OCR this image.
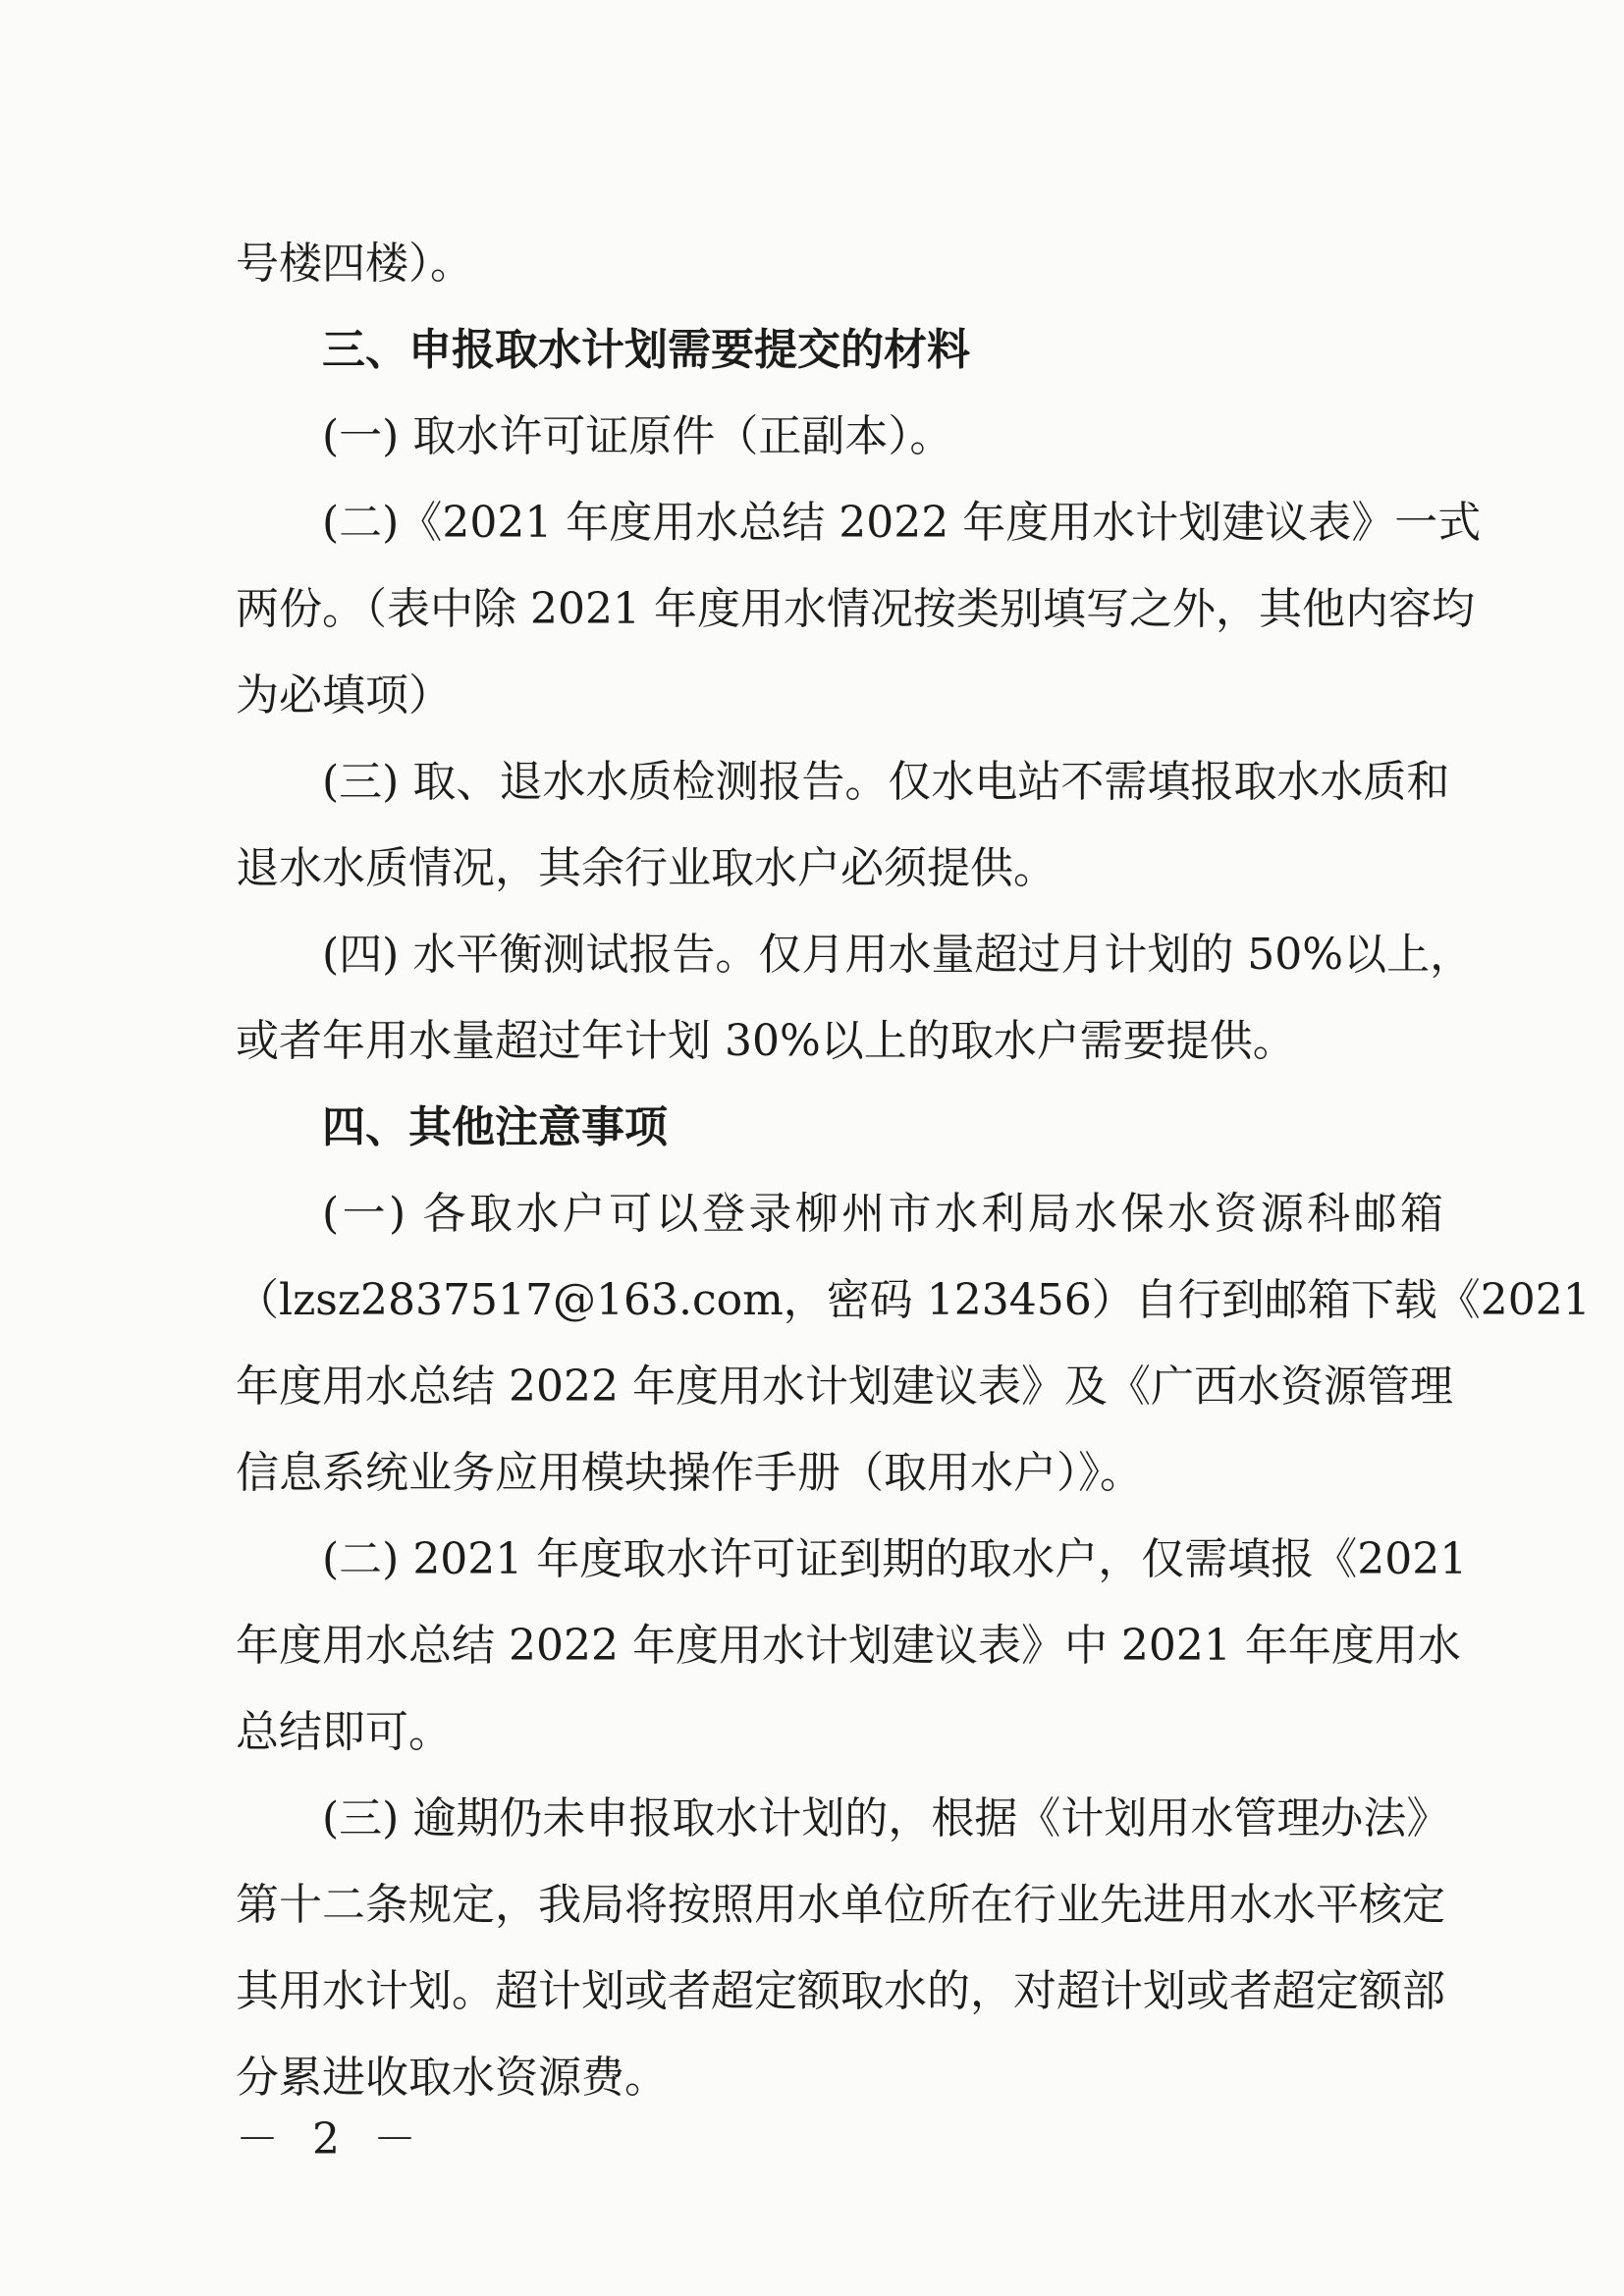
号楼四楼）。
三、申报取水计划需要提交的材料
(一) 取水许可证原件（正副本）。
(二)《2021 年度用水总结 2022 年度用水计划建议表》一式
两份。（表中除 2021 年度用水情况按类别填写之外，其他内容均
为必填项）
(三) 取、退水水质检测报告。仅水电站不需填报取水水质和
退水水质情况，其余行业取水户必须提供。
(四) 水平衡测试报告。仅月用水量超过月计划的 50%以上，
或者年用水量超过年计划 30%以上的取水户需要提供。
四、其他注意事项
(一) 各取水户可以登录柳州市水利局水保水资源科邮箱
（lzsz2837517@163.com，密码 123456）自行到邮箱下载《2021
年度用水总结 2022 年度用水计划建议表》及《广西水资源管理
信息系统业务应用模块操作手册（取用水户）》。
(二) 2021 年度取水许可证到期的取水户，仅需填报《2021
年度用水总结 2022 年度用水计划建议表》中 2021 年年度用水
总结即可。
(三) 逾期仍未申报取水计划的，根据《计划用水管理办法》
第十二条规定，我局将按照用水单位所在行业先进用水水平核定
其用水计划。超计划或者超定额取水的，对超计划或者超定额部
分累进收取水资源费。
－ 2 －
